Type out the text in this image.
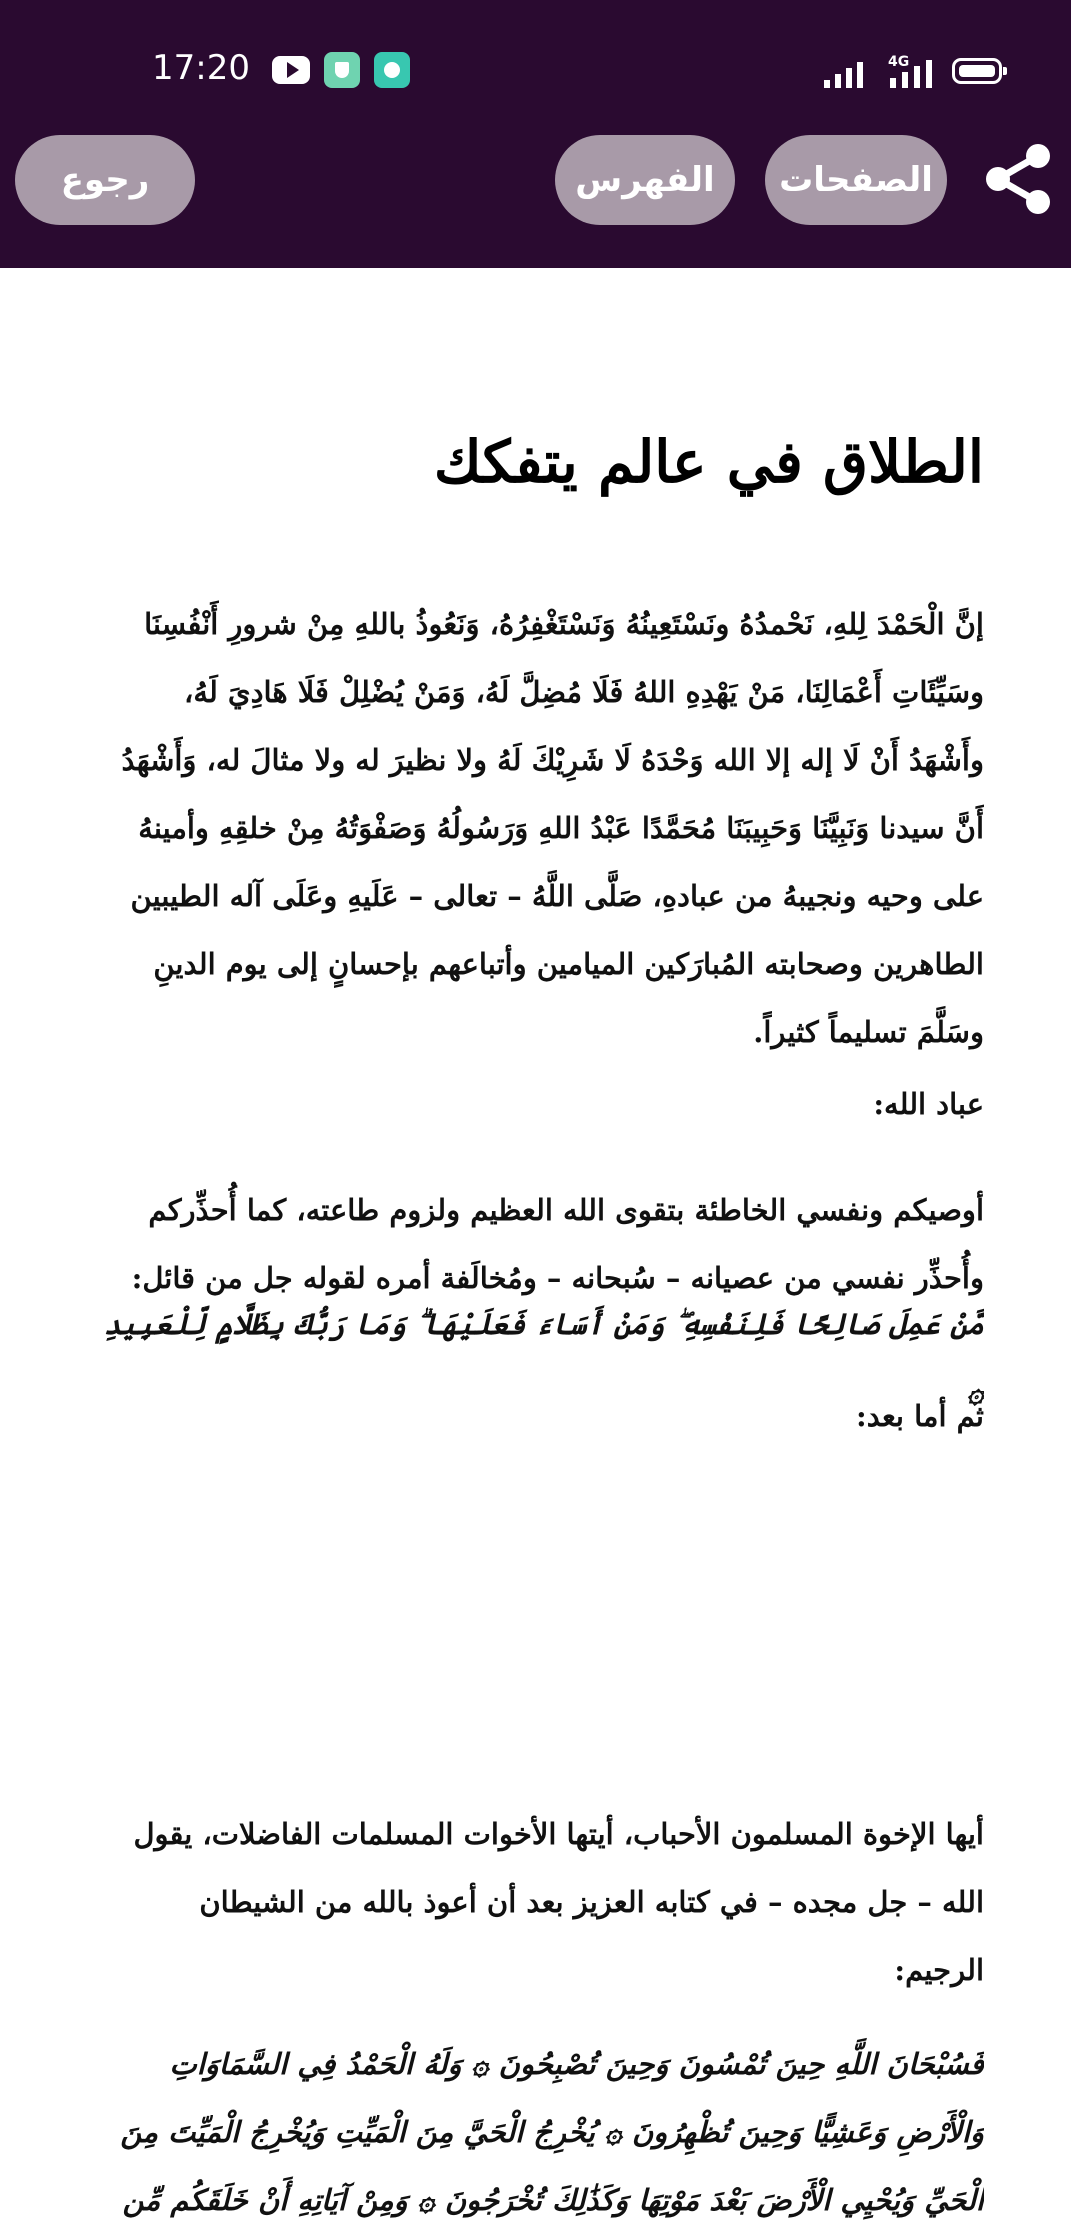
17:20	4G
رجوع	الفهرس	الصفحات
الطلاق في عالم يتفكك

إنَّ الْحَمْدَ لِلهِ، نَحْمدُهُ ونَسْتَعِينُهُ وَنَسْتَغْفِرُهُ، وَنَعُوذُ باللهِ مِنْ شرورِ أَنْفُسِنَا وسَيِّئَاتِ أَعْمَالِنَا، مَنْ يَهْدِهِ اللهُ فَلَا مُضِلَّ لَهُ، وَمَنْ يُضْلِلْ فَلَا هَادِيَ لَهُ، وأَشْهَدُ أَنْ لَا إله إلا الله وَحْدَهُ لَا شَرِيْكَ لَهُ ولا نظيرَ له ولا مثالَ له، وَأَشْهَدُ أَنَّ سيدنا وَنَبِيَّنَا وَحَبِيبَنَا مُحَمَّدًا عَبْدُ اللهِ وَرَسُولُهُ وَصَفْوَتُهُ مِنْ خلقِهِ وأمينهُ على وحيه ونجيبهُ من عبادهِ، صَلَّى اللَّهُ – تعالى – عَلَيهِ وعَلَى آله الطيبين الطاهرين وصحابته المُبارَكين الميامين وأتباعهم بإحسانٍ إلى يوم الدينِ وسَلَّمَ تسليماً كثيراً.

عباد الله:

أوصيكم ونفسي الخاطئة بتقوى الله العظيم ولزوم طاعته، كما أُحذِّركم وأُحذِّر نفسي من عصيانه – سُبحانه – ومُخالَفة أمره لقوله جل من قائل:

مَّنْ عَمِلَ صَالِحًا فَلِنَفْسِهِ ۖ وَمَنْ أَسَاءَ فَعَلَيْهَا ۗ وَمَا رَبُّكَ بِظَلَّامٍ لِّلْعَبِيدِ ۞

ثم أما بعد:

أيها الإخوة المسلمون الأحباب، أيتها الأخوات المسلمات الفاضلات، يقول الله – جل مجده – في كتابه العزيز بعد أن أعوذ بالله من الشيطان الرجيم:

فَسُبْحَانَ اللَّهِ حِينَ تُمْسُونَ وَحِينَ تُصْبِحُونَ ۞ وَلَهُ الْحَمْدُ فِي السَّمَاوَاتِ وَالْأَرْضِ وَعَشِيًّا وَحِينَ تُظْهِرُونَ ۞ يُخْرِجُ الْحَيَّ مِنَ الْمَيِّتِ وَيُخْرِجُ الْمَيِّتَ مِنَ الْحَيِّ وَيُحْيِي الْأَرْضَ بَعْدَ مَوْتِهَا وَكَذَٰلِكَ تُخْرَجُونَ ۞ وَمِنْ آيَاتِهِ أَنْ خَلَقَكُم مِّن
